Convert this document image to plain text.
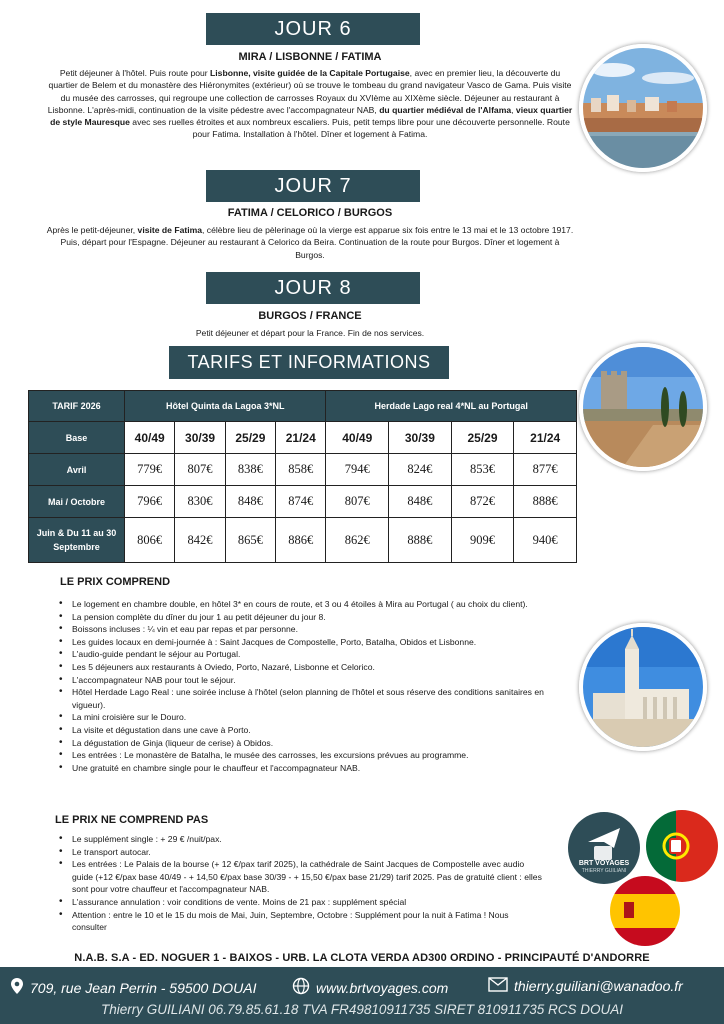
JOUR 6
MIRA / LISBONNE / FATIMA
Petit déjeuner à l'hôtel. Puis route pour Lisbonne, visite guidée de la Capitale Portugaise, avec en premier lieu, la découverte du quartier de Belem et du monastère des Hiéronymites (extérieur) où se trouve le tombeau du grand navigateur Vasco de Gama. Puis visite du musée des carrosses, qui regroupe une collection de carrosses Royaux du XVIème au XIXème siècle. Déjeuner au restaurant à Lisbonne. L'après-midi, continuation de la visite pédestre avec l'accompagnateur NAB, du quartier médiéval de l'Alfama, vieux quartier de style Mauresque avec ses ruelles étroites et aux nombreux escaliers. Puis, petit temps libre pour une découverte personnelle. Route pour Fatima. Installation à l'hôtel. Dîner et logement à Fatima.
JOUR 7
FATIMA / CELORICO / BURGOS
Après le petit-déjeuner, visite de Fatima, célèbre lieu de pèlerinage où la vierge est apparue six fois entre le 13 mai et le 13 octobre 1917. Puis, départ pour l'Espagne. Déjeuner au restaurant à Celorico da Beira. Continuation de la route pour Burgos. Dîner et logement à Burgos.
JOUR 8
BURGOS / FRANCE
Petit déjeuner et départ pour la France. Fin de nos services.
TARIFS ET INFORMATIONS
TARIF 2026	Hôtel Quinta da Lagoa 3*NL				Herdade Lago real 4*NL au Portugal			
Base	40/49	30/39	25/29	21/24	40/49	30/39	25/29	21/24
Avril	779€	807€	838€	858€	794€	824€	853€	877€
Mai / Octobre	796€	830€	848€	874€	807€	848€	872€	888€
Juin & Du 11 au 30 Septembre	806€	842€	865€	886€	862€	888€	909€	940€
LE PRIX COMPREND
• Le logement en chambre double, en hôtel 3* en cours de route, et 3 ou 4 étoiles à Mira au Portugal ( au choix du client).
• La pension complète du dîner du jour 1 au petit déjeuner du jour 8.
• Boissons incluses : ¼ vin et eau par repas et par personne.
• Les guides locaux en demi-journée à : Saint Jacques de Compostelle, Porto, Batalha, Obidos et Lisbonne.
• L'audio-guide pendant le séjour au Portugal.
• Les 5 déjeuners aux restaurants à Oviedo, Porto, Nazaré, Lisbonne et Celorico.
• L'accompagnateur NAB pour tout le séjour.
• Hôtel Herdade Lago Real : une soirée incluse à l'hôtel (selon planning de l'hôtel et sous réserve des conditions sanitaires en vigueur).
• La mini croisière sur le Douro.
• La visite et dégustation dans une cave à Porto.
• La dégustation de Ginja (liqueur de cerise) à Obidos.
• Les entrées : Le monastère de Batalha, le musée des carrosses, les excursions prévues au programme.
• Une gratuité en chambre single pour le chauffeur et l'accompagnateur NAB.
LE PRIX NE COMPREND PAS
• Le supplément single : + 29 € /nuit/pax.
• Le transport autocar.
• Les entrées : Le Palais de la bourse (+ 12 €/pax tarif 2025), la cathédrale de Saint Jacques de Compostelle avec audio guide (+12 €/pax base 40/49 - + 14,50 €/pax base 30/39 - + 15,50 €/pax base 21/29) tarif 2025. Pas de gratuité client : elles sont pour votre chauffeur et l'accompagnateur NAB.
• L'assurance annulation : voir conditions de vente. Moins de 21 pax : supplément spécial
• Attention : entre le 10 et le 15 du mois de Mai, Juin, Septembre, Octobre : Supplément pour la nuit à Fatima ! Nous consulter
BRT VOYAGES
THIERRY GUILIANI
N.A.B. S.A - ED. NOGUER 1 - BAIXOS - URB. LA CLOTA VERDA AD300 ORDINO - PRINCIPAUTÉ D'ANDORRE
709, rue Jean Perrin - 59500 DOUAI	www.brtvoyages.com	thierry.guiliani@wanadoo.fr
Thierry GUILIANI 06.79.85.61.18 TVA FR49810911735 SIRET 810911735 RCS DOUAI
